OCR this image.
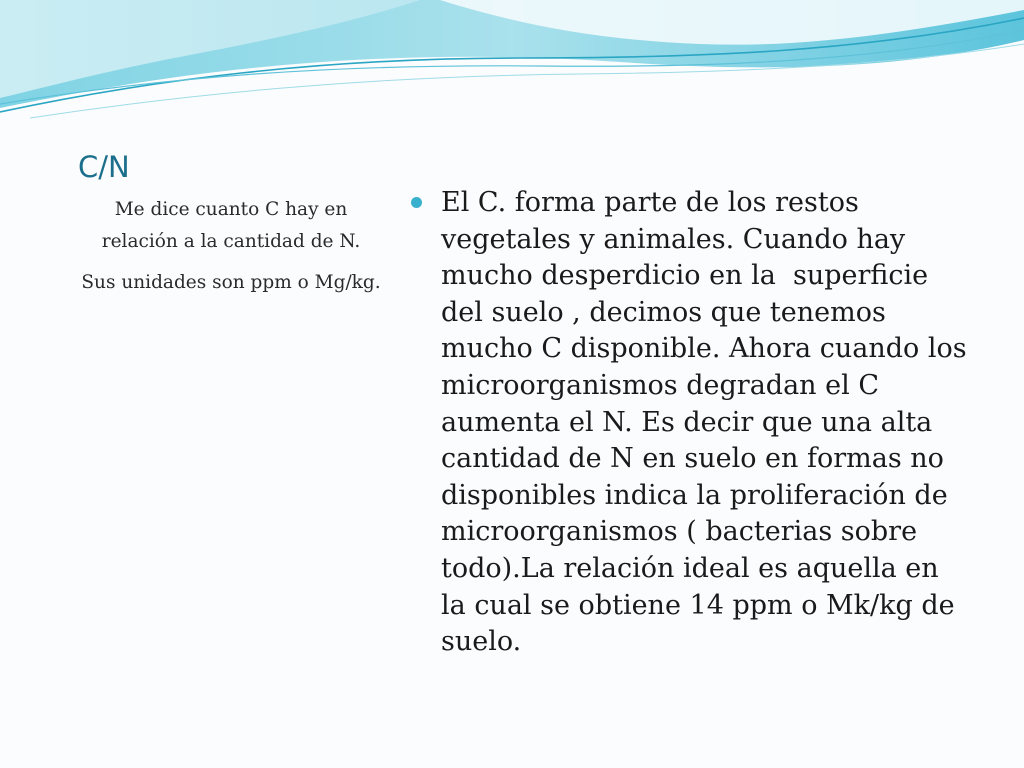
C/N

Me dice cuanto C hay en relación a la cantidad de N.

Sus unidades son ppm o Mg/kg.

El C. forma parte de los restos vegetales y animales. Cuando hay mucho desperdicio en la  superficie del suelo , decimos que tenemos mucho C disponible. Ahora cuando los microorganismos degradan el C aumenta el N. Es decir que una alta cantidad de N en suelo en formas no disponibles indica la proliferación de microorganismos ( bacterias sobre todo).La relación ideal es aquella en la cual se obtiene 14 ppm o Mk/kg de suelo.
